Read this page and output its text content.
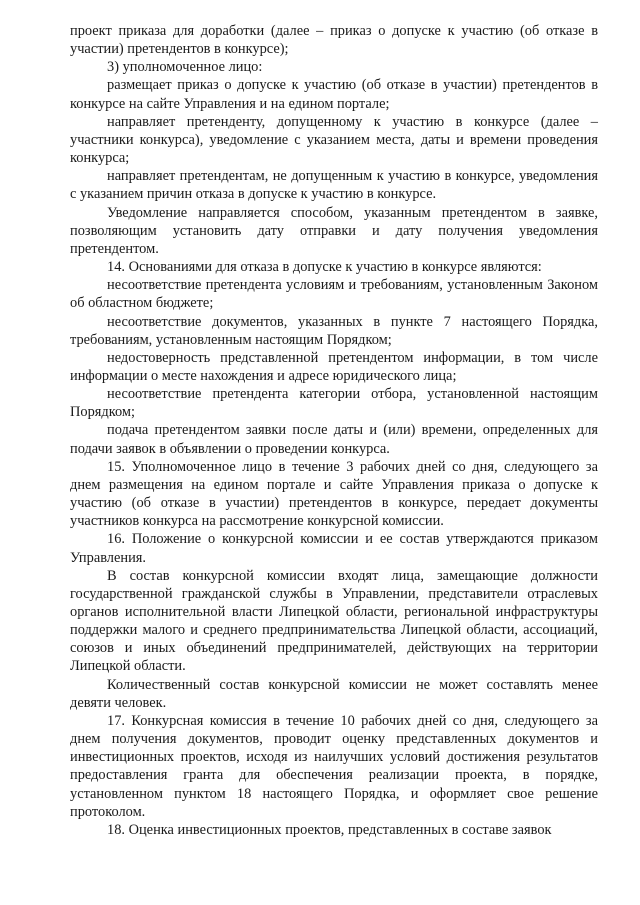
проект приказа для доработки (далее – приказ о допуске к участию (об отказе в участии) претендентов в конкурсе);

3) уполномоченное лицо:

размещает приказ о допуске к участию (об отказе в участии) претендентов в конкурсе на сайте Управления и на едином портале;

направляет претенденту, допущенному к участию в конкурсе (далее – участники конкурса), уведомление с указанием места, даты и времени проведения конкурса;

направляет претендентам, не допущенным к участию в конкурсе, уведомления с указанием причин отказа в допуске к участию в конкурсе.

Уведомление направляется способом, указанным претендентом в заявке, позволяющим установить дату отправки и дату получения уведомления претендентом.

14. Основаниями для отказа в допуске к участию в конкурсе являются:

несоответствие претендента условиям и требованиям, установленным Законом об областном бюджете;

несоответствие документов, указанных в пункте 7 настоящего Порядка, требованиям, установленным настоящим Порядком;

недостоверность представленной претендентом информации, в том числе информации о месте нахождения и адресе юридического лица;

несоответствие претендента категории отбора, установленной настоящим Порядком;

подача претендентом заявки после даты и (или) времени, определенных для подачи заявок в объявлении о проведении конкурса.

15. Уполномоченное лицо в течение 3 рабочих дней со дня, следующего за днем размещения на едином портале и сайте Управления приказа о допуске к участию (об отказе в участии) претендентов в конкурсе, передает документы участников конкурса на рассмотрение конкурсной комиссии.

16. Положение о конкурсной комиссии и ее состав утверждаются приказом Управления.

В состав конкурсной комиссии входят лица, замещающие должности государственной гражданской службы в Управлении, представители отраслевых органов исполнительной власти Липецкой области, региональной инфраструктуры поддержки малого и среднего предпринимательства Липецкой области, ассоциаций, союзов и иных объединений предпринимателей, действующих на территории Липецкой области.

Количественный состав конкурсной комиссии не может составлять менее девяти человек.

17. Конкурсная комиссия в течение 10 рабочих дней со дня, следующего за днем получения документов, проводит оценку представленных документов и инвестиционных проектов, исходя из наилучших условий достижения результатов предоставления гранта для обеспечения реализации проекта, в порядке, установленном пунктом 18 настоящего Порядка, и оформляет свое решение протоколом.

18. Оценка инвестиционных проектов, представленных в составе заявок
